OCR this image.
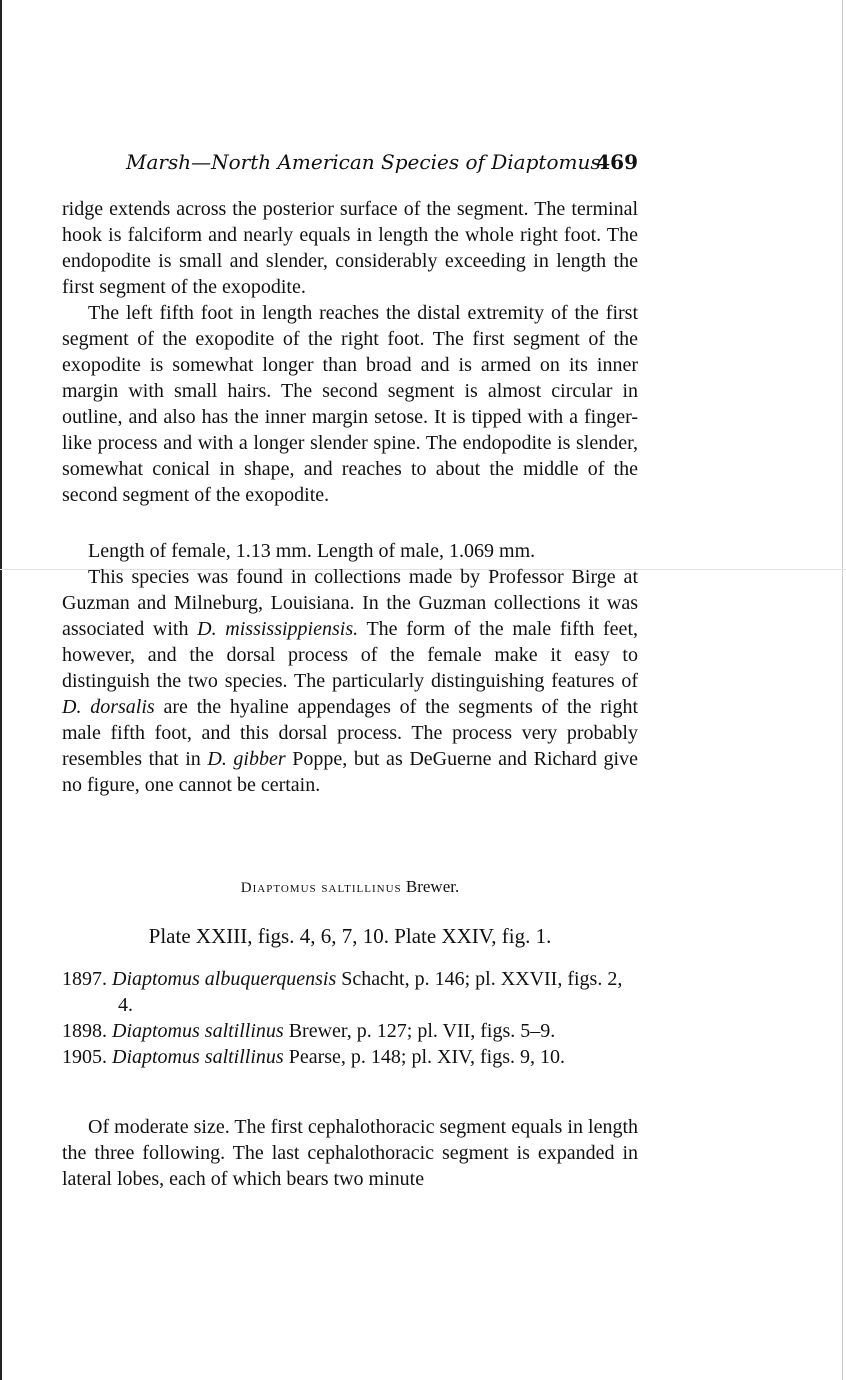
Marsh—North American Species of Diaptomus.
469

ridge extends across the posterior surface of the segment. The terminal hook is falciform and nearly equals in length the whole right foot. The endopodite is small and slender, considerably exceeding in length the first segment of the exopodite.

The left fifth foot in length reaches the distal extremity of the first segment of the exopodite of the right foot. The first segment of the exopodite is somewhat longer than broad and is armed on its inner margin with small hairs. The second segment is almost circular in outline, and also has the inner margin setose. It is tipped with a finger-like process and with a longer slender spine. The endopodite is slender, somewhat conical in shape, and reaches to about the middle of the second segment of the exopodite.

Length of female, 1.13 mm. Length of male, 1.069 mm.

This species was found in collections made by Professor Birge at Guzman and Milneburg, Louisiana. In the Guzman collections it was associated with D. mississippiensis. The form of the male fifth feet, however, and the dorsal process of the female make it easy to distinguish the two species. The particularly distinguishing features of D. dorsalis are the hyaline appendages of the segments of the right male fifth foot, and this dorsal process. The process very probably resembles that in D. gibber Poppe, but as DeGuerne and Richard give no figure, one cannot be certain.

Diaptomus saltillinus Brewer.
Plate XXIII, figs. 4, 6, 7, 10. Plate XXIV, fig. 1.

1897. Diaptomus albuquerquensis Schacht, p. 146; pl. XXVII, figs. 2, 4.

1898. Diaptomus saltillinus Brewer, p. 127; pl. VII, figs. 5–9.

1905. Diaptomus saltillinus Pearse, p. 148; pl. XIV, figs. 9, 10.

Of moderate size. The first cephalothoracic segment equals in length the three following. The last cephalothoracic segment is expanded in lateral lobes, each of which bears two minute
